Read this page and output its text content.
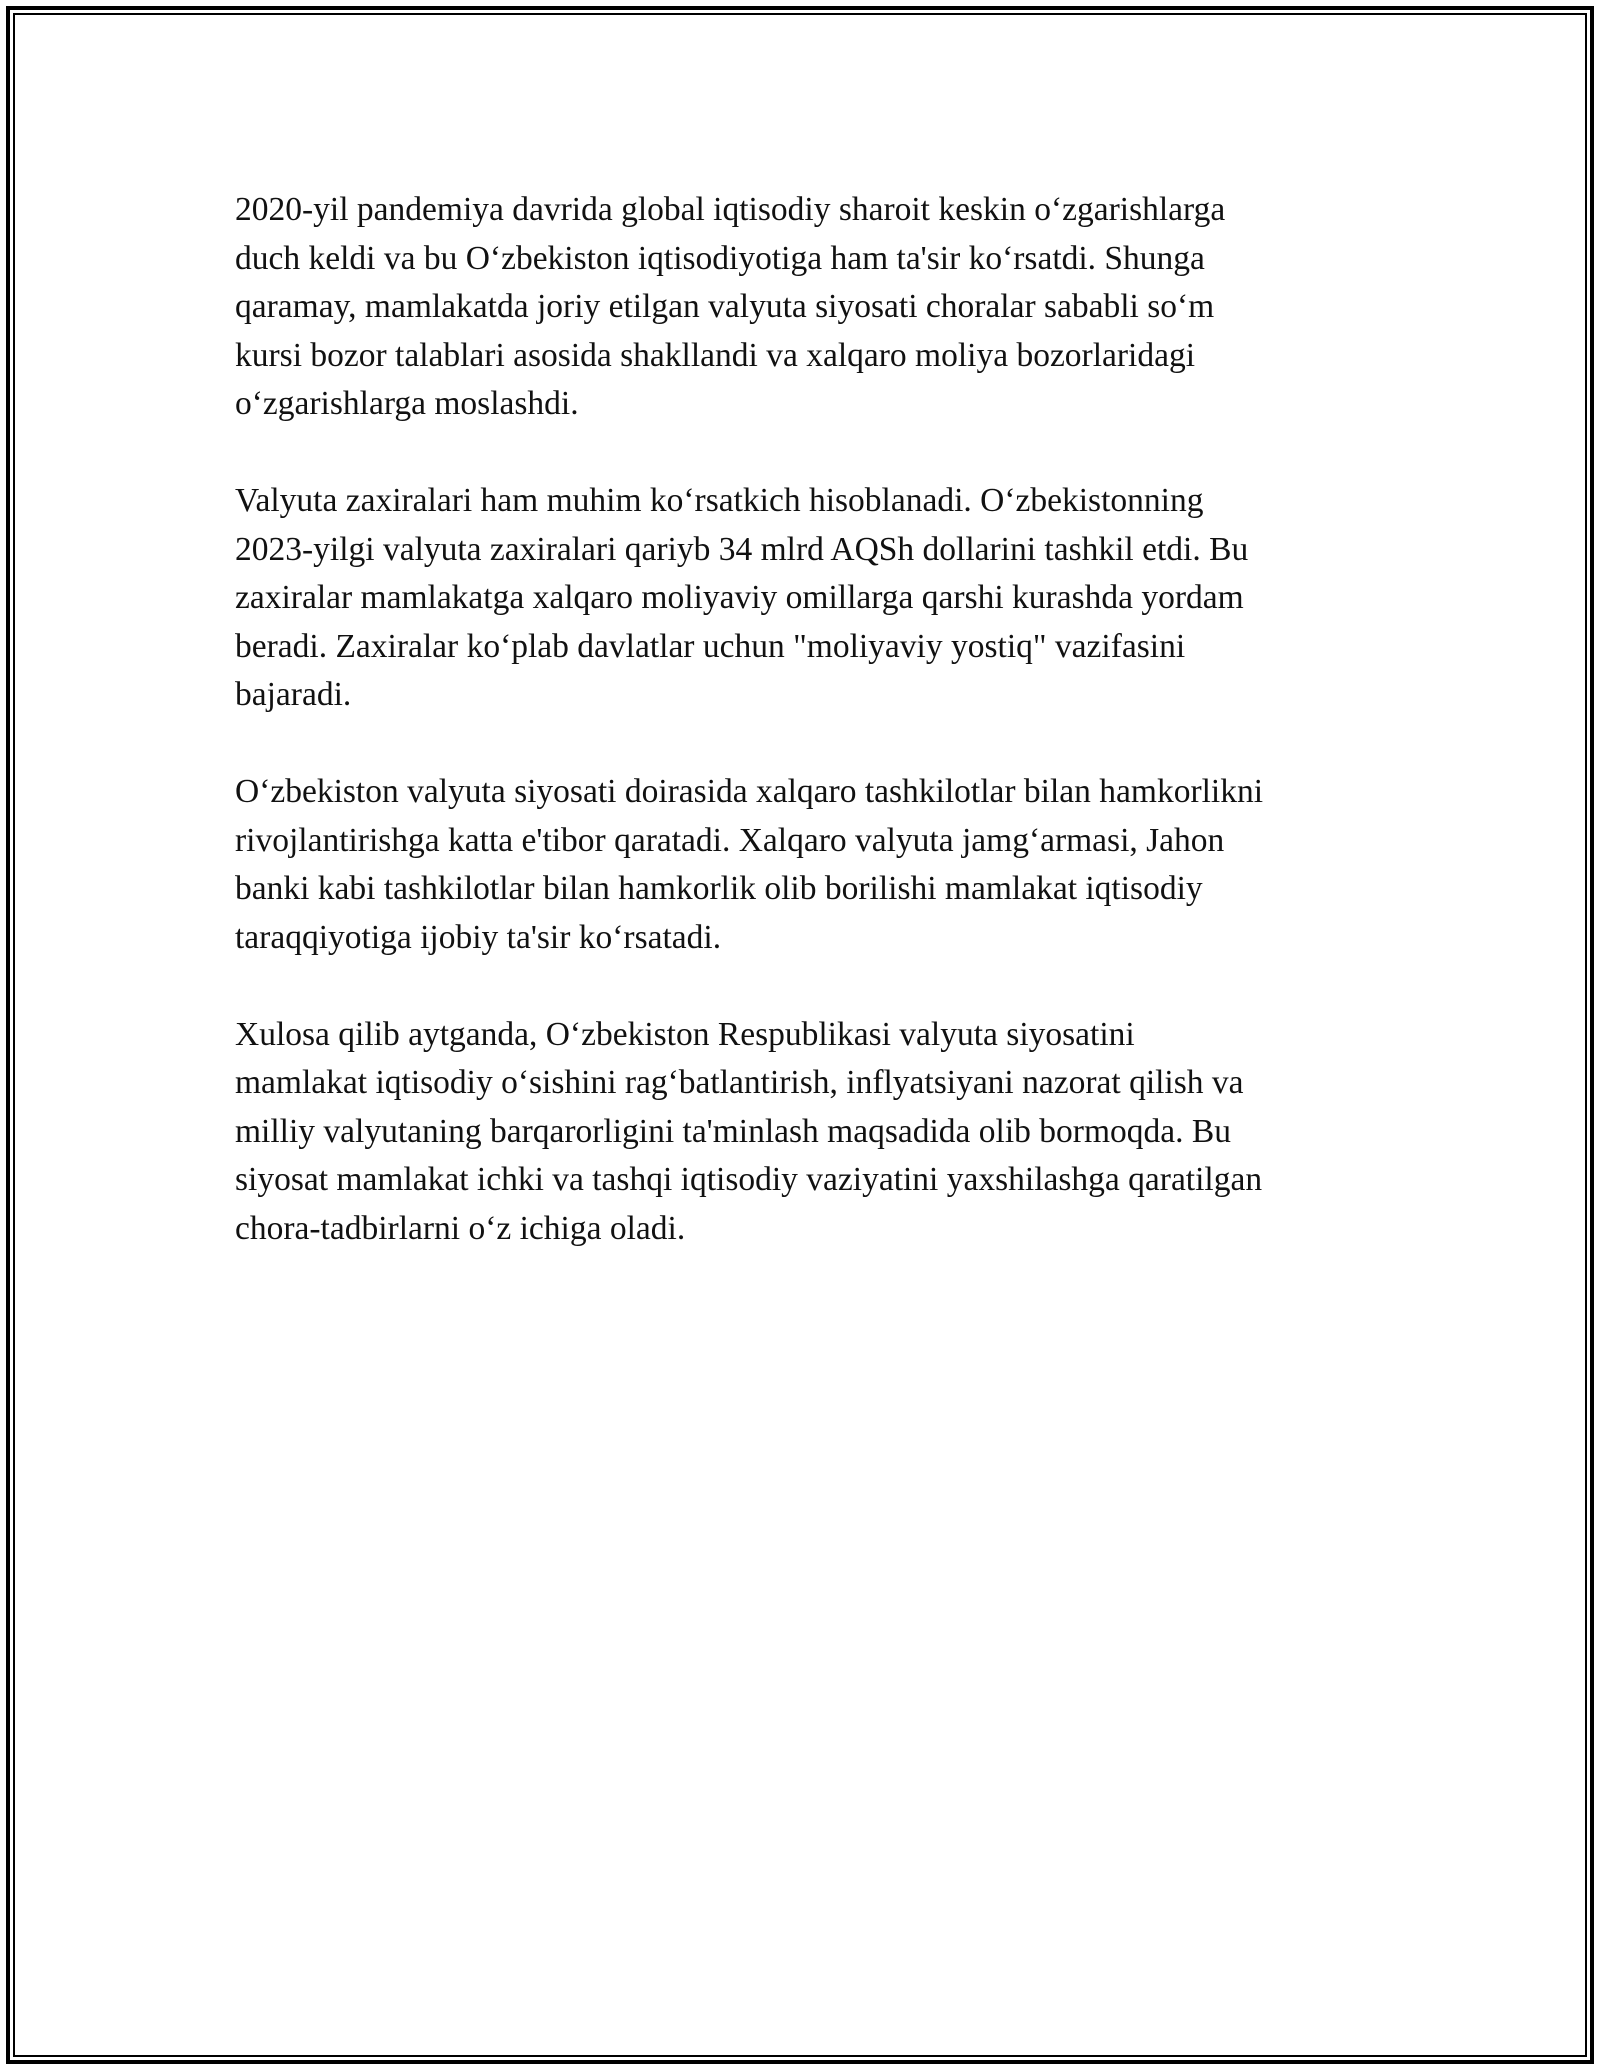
2020-yil pandemiya davrida global iqtisodiy sharoit keskin o‘zgarishlarga
duch keldi va bu O‘zbekiston iqtisodiyotiga ham ta'sir ko‘rsatdi. Shunga
qaramay, mamlakatda joriy etilgan valyuta siyosati choralar sababli so‘m
kursi bozor talablari asosida shakllandi va xalqaro moliya bozorlaridagi
o‘zgarishlarga moslashdi.

Valyuta zaxiralari ham muhim ko‘rsatkich hisoblanadi. O‘zbekistonning
2023-yilgi valyuta zaxiralari qariyb 34 mlrd AQSh dollarini tashkil etdi. Bu
zaxiralar mamlakatga xalqaro moliyaviy omillarga qarshi kurashda yordam
beradi. Zaxiralar ko‘plab davlatlar uchun "moliyaviy yostiq" vazifasini
bajaradi.

O‘zbekiston valyuta siyosati doirasida xalqaro tashkilotlar bilan hamkorlikni
rivojlantirishga katta e'tibor qaratadi. Xalqaro valyuta jamg‘armasi, Jahon
banki kabi tashkilotlar bilan hamkorlik olib borilishi mamlakat iqtisodiy
taraqqiyotiga ijobiy ta'sir ko‘rsatadi.

Xulosa qilib aytganda, O‘zbekiston Respublikasi valyuta siyosatini
mamlakat iqtisodiy o‘sishini rag‘batlantirish, inflyatsiyani nazorat qilish va
milliy valyutaning barqarorligini ta'minlash maqsadida olib bormoqda. Bu
siyosat mamlakat ichki va tashqi iqtisodiy vaziyatini yaxshilashga qaratilgan
chora-tadbirlarni o‘z ichiga oladi.
